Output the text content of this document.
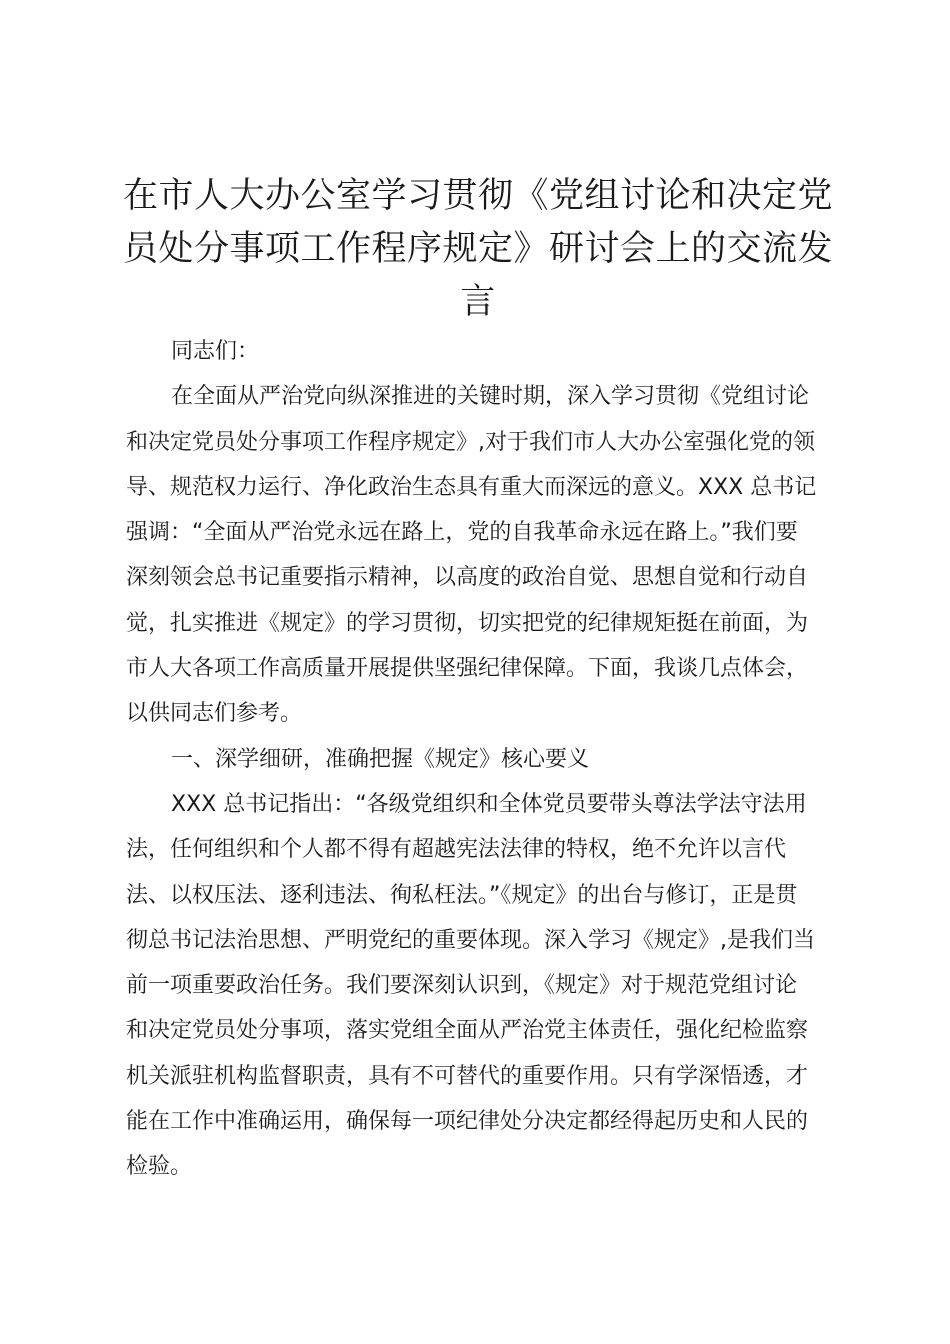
在市人大办公室学习贯彻《党组讨论和决定党
员处分事项工作程序规定》研讨会上的交流发
言
同志们：
在全面从严治党向纵深推进的关键时期，深入学习贯彻《党组讨论
和决定党员处分事项工作程序规定》,对于我们市人大办公室强化党的领
导、规范权力运行、净化政治生态具有重大而深远的意义。XXX 总书记
强调：“全面从严治党永远在路上，党的自我革命永远在路上。”我们要
深刻领会总书记重要指示精神，以高度的政治自觉、思想自觉和行动自
觉，扎实推进《规定》的学习贯彻，切实把党的纪律规矩挺在前面，为
市人大各项工作高质量开展提供坚强纪律保障。下面，我谈几点体会，
以供同志们参考。
一、深学细研，准确把握《规定》核心要义
XXX 总书记指出：“各级党组织和全体党员要带头尊法学法守法用
法，任何组织和个人都不得有超越宪法法律的特权，绝不允许以言代
法、以权压法、逐利违法、徇私枉法。”《规定》的出台与修订，正是贯
彻总书记法治思想、严明党纪的重要体现。深入学习《规定》,是我们当
前一项重要政治任务。我们要深刻认识到，《规定》对于规范党组讨论
和决定党员处分事项，落实党组全面从严治党主体责任，强化纪检监察
机关派驻机构监督职责，具有不可替代的重要作用。只有学深悟透，才
能在工作中准确运用，确保每一项纪律处分决定都经得起历史和人民的
检验。
